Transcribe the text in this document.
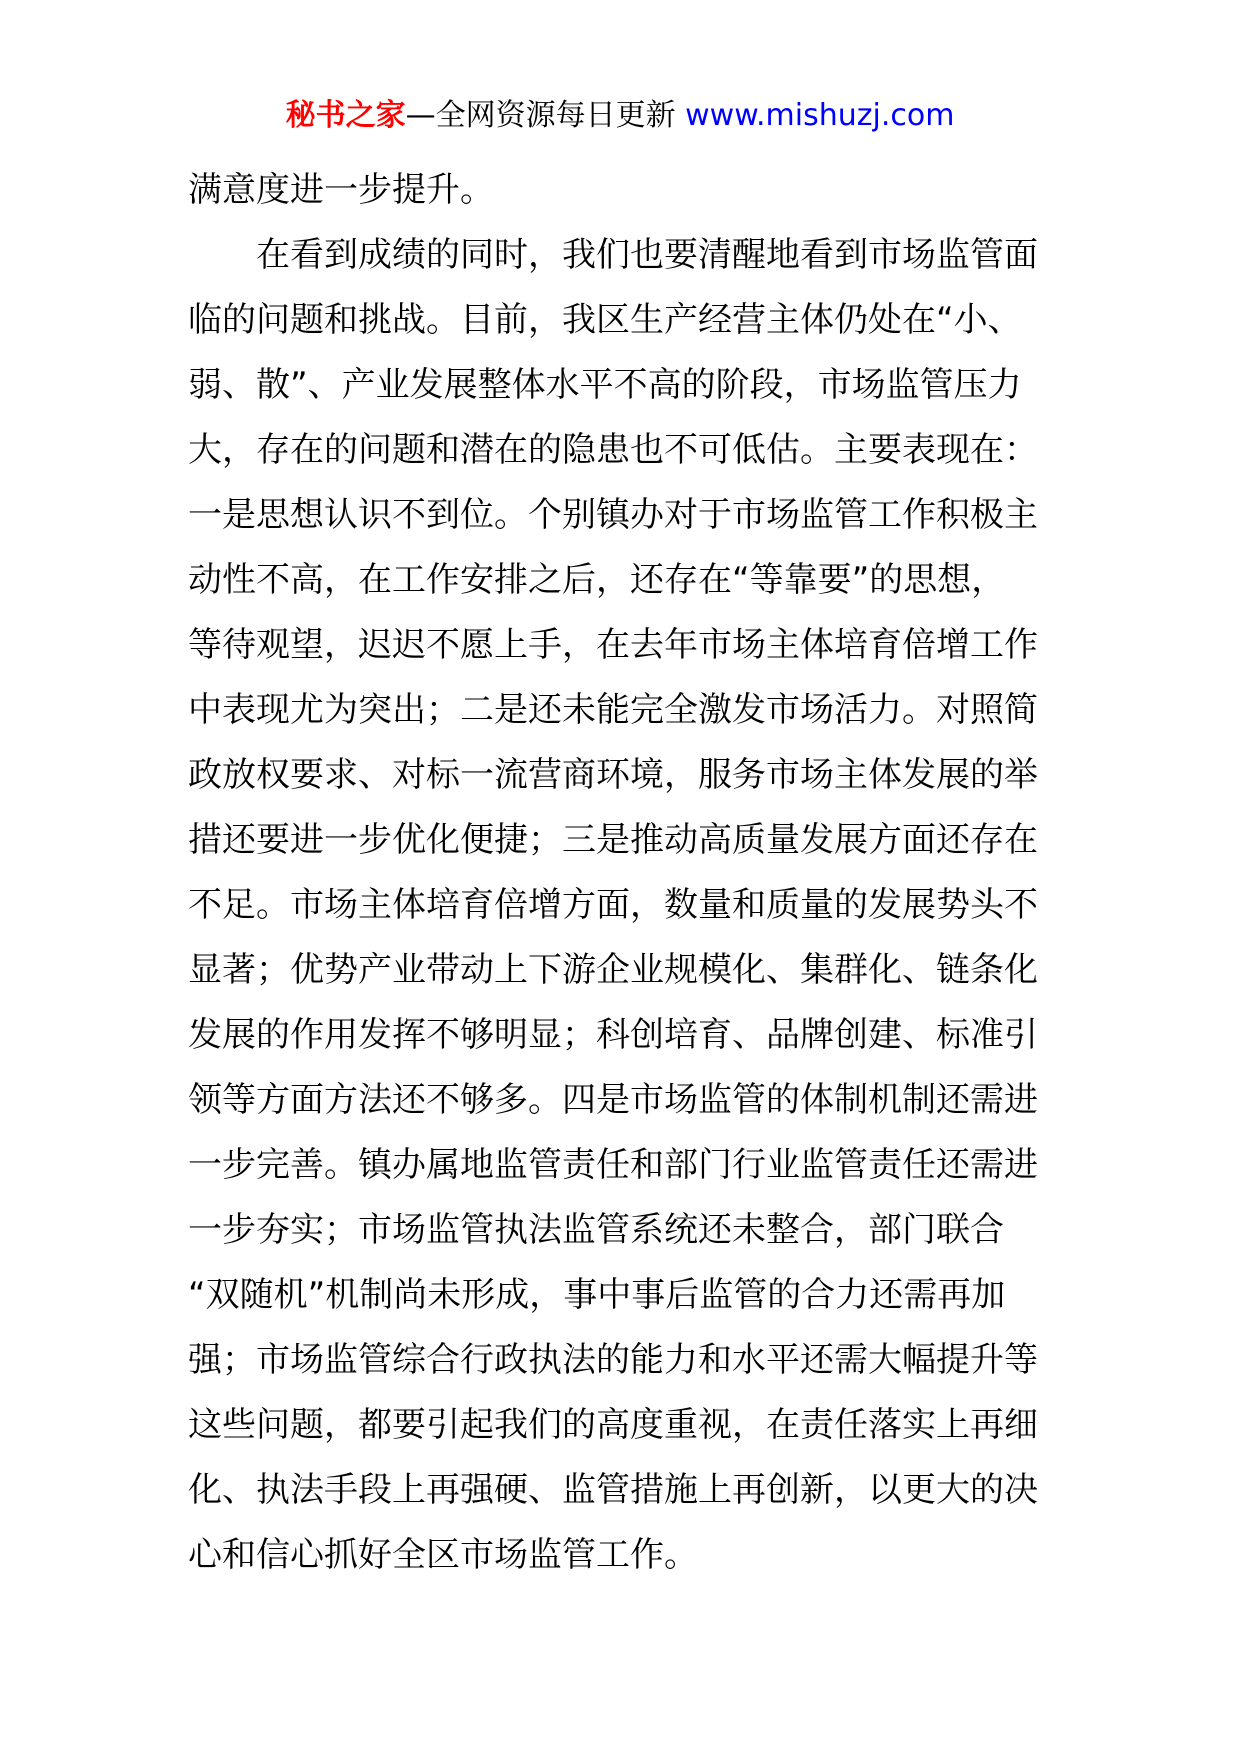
秘书之家—全网资源每日更新 www.mishuzj.com
满意度进一步提升。
在看到成绩的同时，我们也要清醒地看到市场监管面
临的问题和挑战。目前，我区生产经营主体仍处在“小、
弱、散”、产业发展整体水平不高的阶段，市场监管压力
大，存在的问题和潜在的隐患也不可低估。主要表现在：
一是思想认识不到位。个别镇办对于市场监管工作积极主
动性不高，在工作安排之后，还存在“等靠要”的思想，
等待观望，迟迟不愿上手，在去年市场主体培育倍增工作
中表现尤为突出；二是还未能完全激发市场活力。对照简
政放权要求、对标一流营商环境，服务市场主体发展的举
措还要进一步优化便捷；三是推动高质量发展方面还存在
不足。市场主体培育倍增方面，数量和质量的发展势头不
显著；优势产业带动上下游企业规模化、集群化、链条化
发展的作用发挥不够明显；科创培育、品牌创建、标准引
领等方面方法还不够多。四是市场监管的体制机制还需进
一步完善。镇办属地监管责任和部门行业监管责任还需进
一步夯实；市场监管执法监管系统还未整合，部门联合
“双随机”机制尚未形成，事中事后监管的合力还需再加
强；市场监管综合行政执法的能力和水平还需大幅提升等
这些问题，都要引起我们的高度重视，在责任落实上再细
化、执法手段上再强硬、监管措施上再创新，以更大的决
心和信心抓好全区市场监管工作。
